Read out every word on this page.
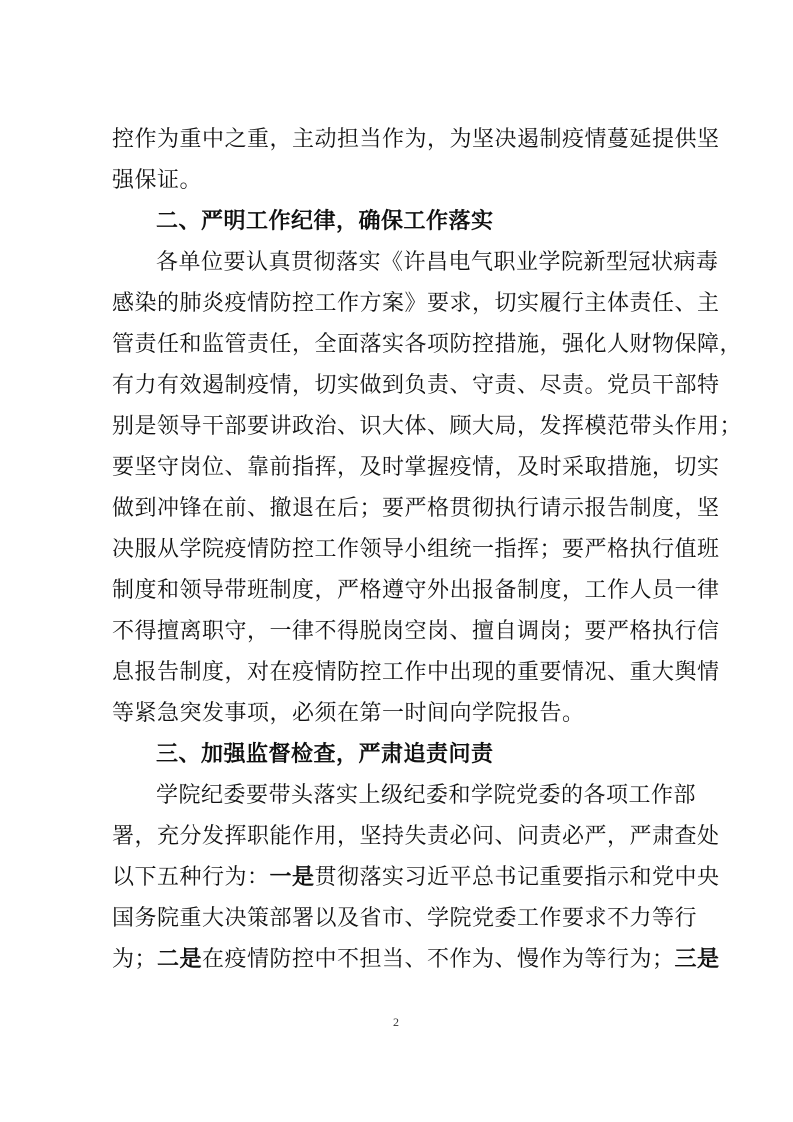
控作为重中之重，主动担当作为，为坚决遏制疫情蔓延提供坚
强保证。
二、严明工作纪律，确保工作落实
各单位要认真贯彻落实《许昌电气职业学院新型冠状病毒
感染的肺炎疫情防控工作方案》要求，切实履行主体责任、主
管责任和监管责任，全面落实各项防控措施，强化人财物保障，
有力有效遏制疫情，切实做到负责、守责、尽责。党员干部特
别是领导干部要讲政治、识大体、顾大局，发挥模范带头作用；
要坚守岗位、靠前指挥，及时掌握疫情，及时采取措施，切实
做到冲锋在前、撤退在后；要严格贯彻执行请示报告制度，坚
决服从学院疫情防控工作领导小组统一指挥；要严格执行值班
制度和领导带班制度，严格遵守外出报备制度，工作人员一律
不得擅离职守，一律不得脱岗空岗、擅自调岗；要严格执行信
息报告制度，对在疫情防控工作中出现的重要情况、重大舆情
等紧急突发事项，必须在第一时间向学院报告。
三、加强监督检查，严肃追责问责
学院纪委要带头落实上级纪委和学院党委的各项工作部
署，充分发挥职能作用，坚持失责必问、问责必严，严肃查处
以下五种行为：一是贯彻落实习近平总书记重要指示和党中央
国务院重大决策部署以及省市、学院党委工作要求不力等行
为；二是在疫情防控中不担当、不作为、慢作为等行为；三是
2
